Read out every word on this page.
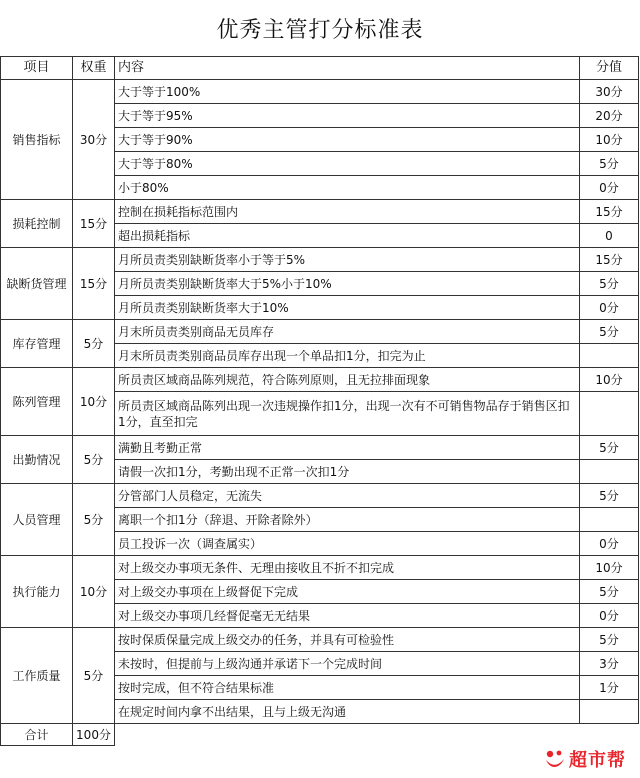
优秀主管打分标准表
项目	权重	内容	分值
销售指标	30分	大于等于100%	30分
		大于等于95%	20分
		大于等于90%	10分
		大于等于80%	5分
		小于80%	0分
损耗控制	15分	控制在损耗指标范围内	15分
		超出损耗指标	0
缺断货管理	15分	月所员责类别缺断货率小于等于5%	15分
		月所员责类别缺断货率大于5%小于10%	5分
		月所员责类别缺断货率大于10%	0分
库存管理	5分	月末所员责类别商品无员库存	5分
		月末所员责类别商品员库存出现一个单品扣1分，扣完为止	
陈列管理	10分	所员责区域商品陈列规范，符合陈列原则，且无拉排面现象	10分
		所员责区域商品陈列出现一次违规操作扣1分，出现一次有不可销售物品存于销售区扣1分，直至扣完	
出勤情况	5分	满勤且考勤正常	5分
		请假一次扣1分，考勤出现不正常一次扣1分	
人员管理	5分	分管部门人员稳定，无流失	5分
		离职一个扣1分（辞退、开除者除外）	
		员工投诉一次（调查属实）	0分
执行能力	10分	对上级交办事项无条件、无理由接收且不折不扣完成	10分
		对上级交办事项在上级督促下完成	5分
		对上级交办事项几经督促毫无无结果	0分
工作质量	5分	按时保质保量完成上级交办的任务，并具有可检验性	5分
		未按时，但提前与上级沟通并承诺下一个完成时间	3分
		按时完成，但不符合结果标准	1分
		在规定时间内拿不出结果，且与上级无沟通	
合计	100分		
超市帮
